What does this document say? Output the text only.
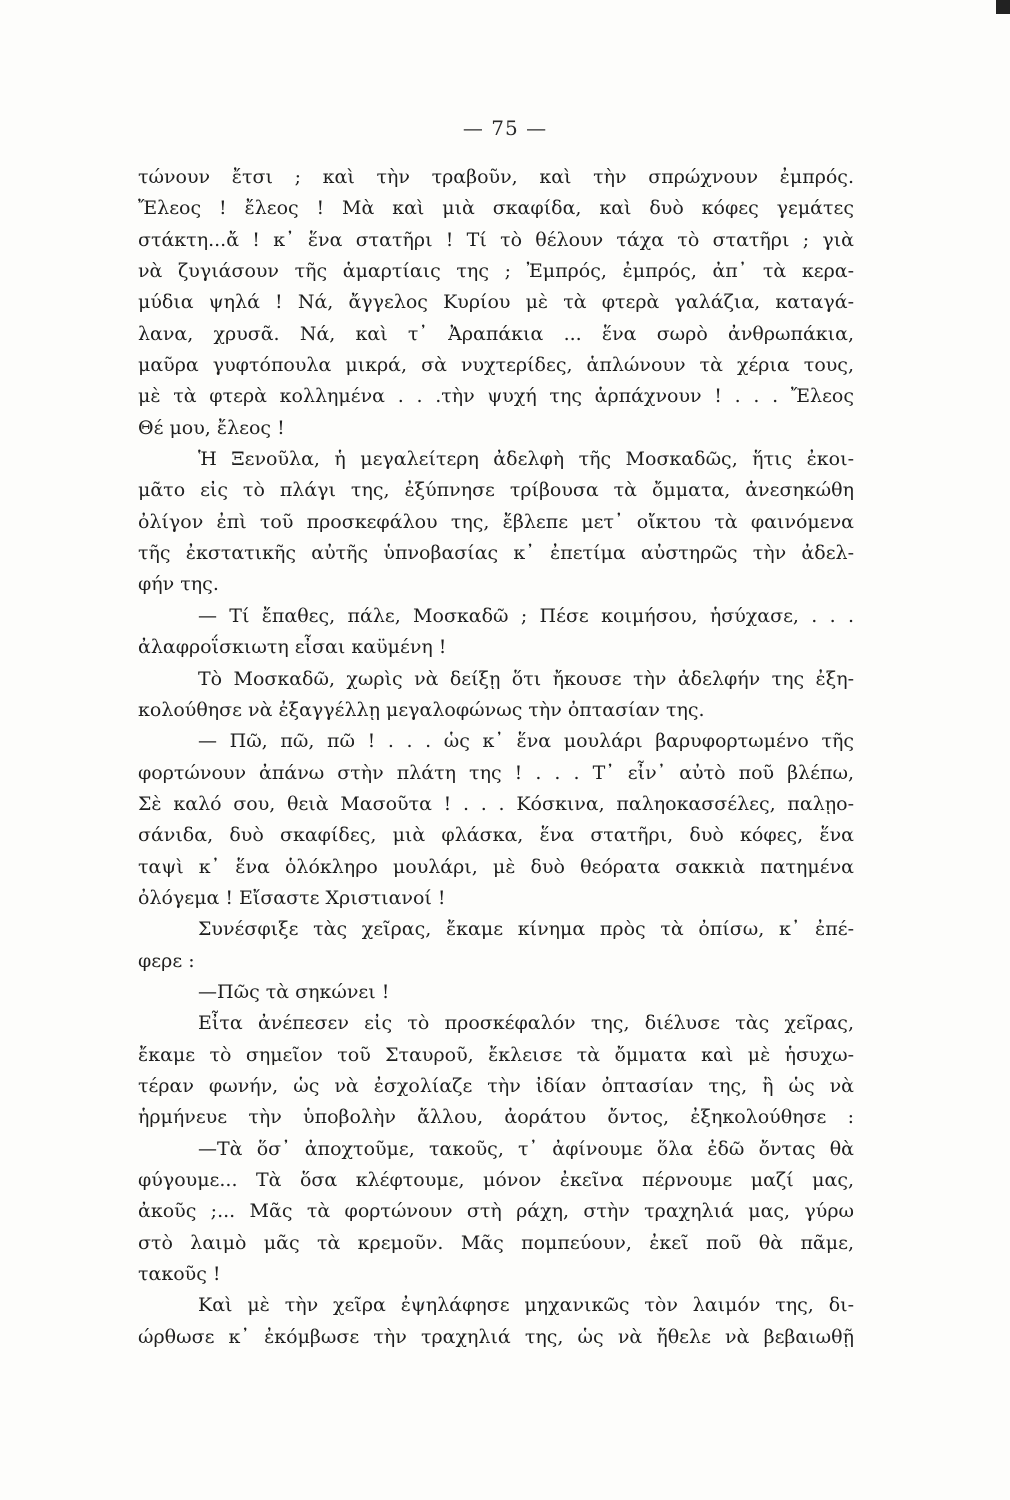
— 75 —
τώνουν ἔτσι ; καὶ τὴν τραβοῦν, καὶ τὴν σπρώχνουν ἐμπρός.
Ἔλεος ! ἔλεος ! Μὰ καὶ μιὰ σκαφίδα, καὶ δυὸ κόφες γεμάτες
στάκτη...ἄ ! κ᾿ ἕνα στατῆρι ! Τί τὸ θέλουν τάχα τὸ στατῆρι ; γιὰ
νὰ ζυγιάσουν τῆς ἁμαρτίαις της ; Ἐμπρός, ἐμπρός, ἀπ᾿ τὰ κερα-
μύδια ψηλά ! Νά, ἄγγελος Κυρίου μὲ τὰ φτερὰ γαλάζια, καταγά-
λανα, χρυσᾶ. Νά, καὶ τ᾿ Ἀραπάκια ... ἕνα σωρὸ ἀνθρωπάκια,
μαῦρα γυφτόπουλα μικρά, σὰ νυχτερίδες, ἁπλώνουν τὰ χέρια τους,
μὲ τὰ φτερὰ κολλημένα . . .τὴν ψυχή της ἁρπάχνουν ! . . . Ἔλεος
Θέ μου, ἔλεος !
Ἡ Ξενοῦλα, ἡ μεγαλείτερη ἀδελφὴ τῆς Μοσκαδῶς, ἥτις ἐκοι-
μᾶτο εἰς τὸ πλάγι της, ἐξύπνησε τρίβουσα τὰ ὄμματα, ἀνεσηκώθη
ὀλίγον ἐπὶ τοῦ προσκεφάλου της, ἔβλεπε μετ᾿ οἴκτου τὰ φαινόμενα
τῆς ἐκστατικῆς αὐτῆς ὑπνοβασίας κ᾿ ἐπετίμα αὐστηρῶς τὴν ἀδελ-
φήν της.
— Τί ἔπαθες, πάλε, Μοσκαδῶ ; Πέσε κοιμήσου, ἡσύχασε, . . .
ἀλαφροΐσκιωτη εἶσαι καϋμένη !
Τὸ Μοσκαδῶ, χωρὶς νὰ δείξῃ ὅτι ἤκουσε τὴν ἀδελφήν της ἐξη-
κολούθησε νὰ ἐξαγγέλλῃ μεγαλοφώνως τὴν ὀπτασίαν της.
— Πῶ, πῶ, πῶ ! . . . ὡς κ᾿ ἕνα μουλάρι βαρυφορτωμένο τῆς
φορτώνουν ἀπάνω στὴν πλάτη της ! . . . Τ᾿ εἶν᾿ αὐτὸ ποῦ βλέπω,
Σὲ καλό σου, θειὰ Μασοῦτα ! . . . Κόσκινα, παληοκασσέλες, παλῃο-
σάνιδα, δυὸ σκαφίδες, μιὰ φλάσκα, ἕνα στατῆρι, δυὸ κόφες, ἕνα
ταψὶ κ᾿ ἕνα ὁλόκληρο μουλάρι, μὲ δυὸ θεόρατα σακκιὰ πατημένα
ὀλόγεμα ! Εἴσαστε Χριστιανοί !
Συνέσφιξε τὰς χεῖρας, ἔκαμε κίνημα πρὸς τὰ ὀπίσω, κ᾿ ἐπέ-
φερε :
—Πῶς τὰ σηκώνει !
Εἶτα ἀνέπεσεν εἰς τὸ προσκέφαλόν της, διέλυσε τὰς χεῖρας,
ἔκαμε τὸ σημεῖον τοῦ Σταυροῦ, ἔκλεισε τὰ ὄμματα καὶ μὲ ἡσυχω-
τέραν φωνήν, ὡς νὰ ἐσχολίαζε τὴν ἰδίαν ὀπτασίαν της, ἢ ὡς νὰ
ἡρμήνευε τὴν ὑποβολὴν ἄλλου, ἀοράτου ὄντος, ἐξηκολούθησε :
—Τὰ ὅσ᾿ ἀποχτοῦμε, τακοῦς, τ᾿ ἀφίνουμε ὅλα ἐδῶ ὄντας θὰ
φύγουμε... Τὰ ὅσα κλέφτουμε, μόνον ἐκεῖνα πέρνουμε μαζί μας,
ἀκοῦς ;... Μᾶς τὰ φορτώνουν στὴ ράχη, στὴν τραχηλιά μας, γύρω
στὸ λαιμὸ μᾶς τὰ κρεμοῦν. Μᾶς πομπεύουν, ἐκεῖ ποῦ θὰ πᾶμε,
τακοῦς !
Καὶ μὲ τὴν χεῖρα ἐψηλάφησε μηχανικῶς τὸν λαιμόν της, δι-
ώρθωσε κ᾿ ἐκόμβωσε τὴν τραχηλιά της, ὡς νὰ ἤθελε νὰ βεβαιωθῇ
